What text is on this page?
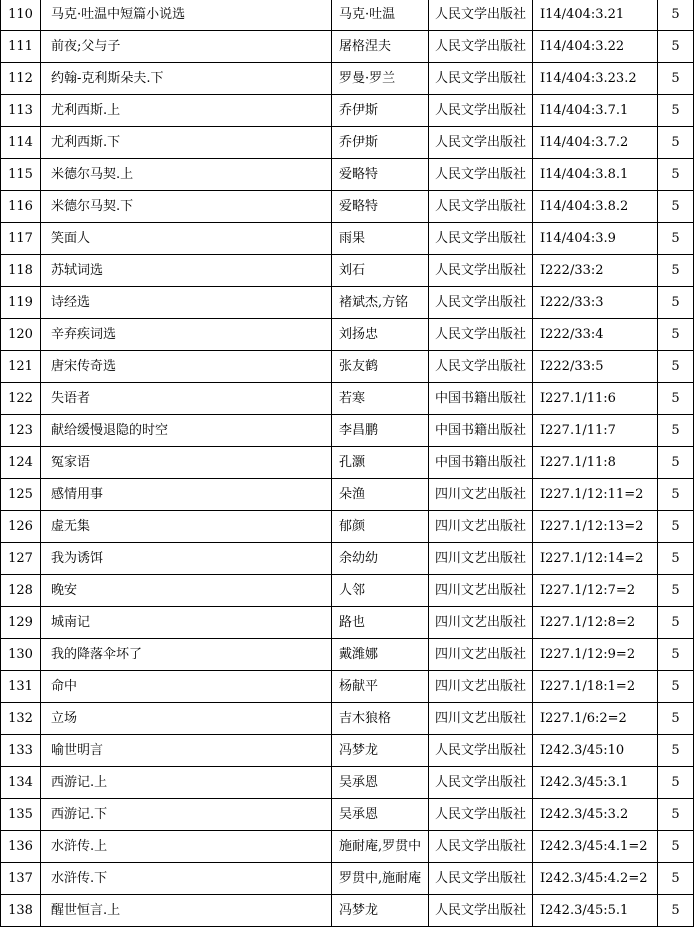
110	马克·吐温中短篇小说选	马克·吐温	人民文学出版社	I14/404:3.21	5
111	前夜;父与子	屠格涅夫	人民文学出版社	I14/404:3.22	5
112	约翰-克利斯朵夫.下	罗曼·罗兰	人民文学出版社	I14/404:3.23.2	5
113	尤利西斯.上	乔伊斯	人民文学出版社	I14/404:3.7.1	5
114	尤利西斯.下	乔伊斯	人民文学出版社	I14/404:3.7.2	5
115	米德尔马契.上	爱略特	人民文学出版社	I14/404:3.8.1	5
116	米德尔马契.下	爱略特	人民文学出版社	I14/404:3.8.2	5
117	笑面人	雨果	人民文学出版社	I14/404:3.9	5
118	苏轼词选	刘石	人民文学出版社	I222/33:2	5
119	诗经选	褚斌杰,方铭	人民文学出版社	I222/33:3	5
120	辛弃疾词选	刘扬忠	人民文学出版社	I222/33:4	5
121	唐宋传奇选	张友鹤	人民文学出版社	I222/33:5	5
122	失语者	若寒	中国书籍出版社	I227.1/11:6	5
123	献给缓慢退隐的时空	李昌鹏	中国书籍出版社	I227.1/11:7	5
124	冤家语	孔灏	中国书籍出版社	I227.1/11:8	5
125	感情用事	朵渔	四川文艺出版社	I227.1/12:11=2	5
126	虚无集	郁颜	四川文艺出版社	I227.1/12:13=2	5
127	我为诱饵	余幼幼	四川文艺出版社	I227.1/12:14=2	5
128	晚安	人邻	四川文艺出版社	I227.1/12:7=2	5
129	城南记	路也	四川文艺出版社	I227.1/12:8=2	5
130	我的降落伞坏了	戴潍娜	四川文艺出版社	I227.1/12:9=2	5
131	命中	杨献平	四川文艺出版社	I227.1/18:1=2	5
132	立场	吉木狼格	四川文艺出版社	I227.1/6:2=2	5
133	喻世明言	冯梦龙	人民文学出版社	I242.3/45:10	5
134	西游记.上	吴承恩	人民文学出版社	I242.3/45:3.1	5
135	西游记.下	吴承恩	人民文学出版社	I242.3/45:3.2	5
136	水浒传.上	施耐庵,罗贯中	人民文学出版社	I242.3/45:4.1=2	5
137	水浒传.下	罗贯中,施耐庵	人民文学出版社	I242.3/45:4.2=2	5
138	醒世恒言.上	冯梦龙	人民文学出版社	I242.3/45:5.1	5
